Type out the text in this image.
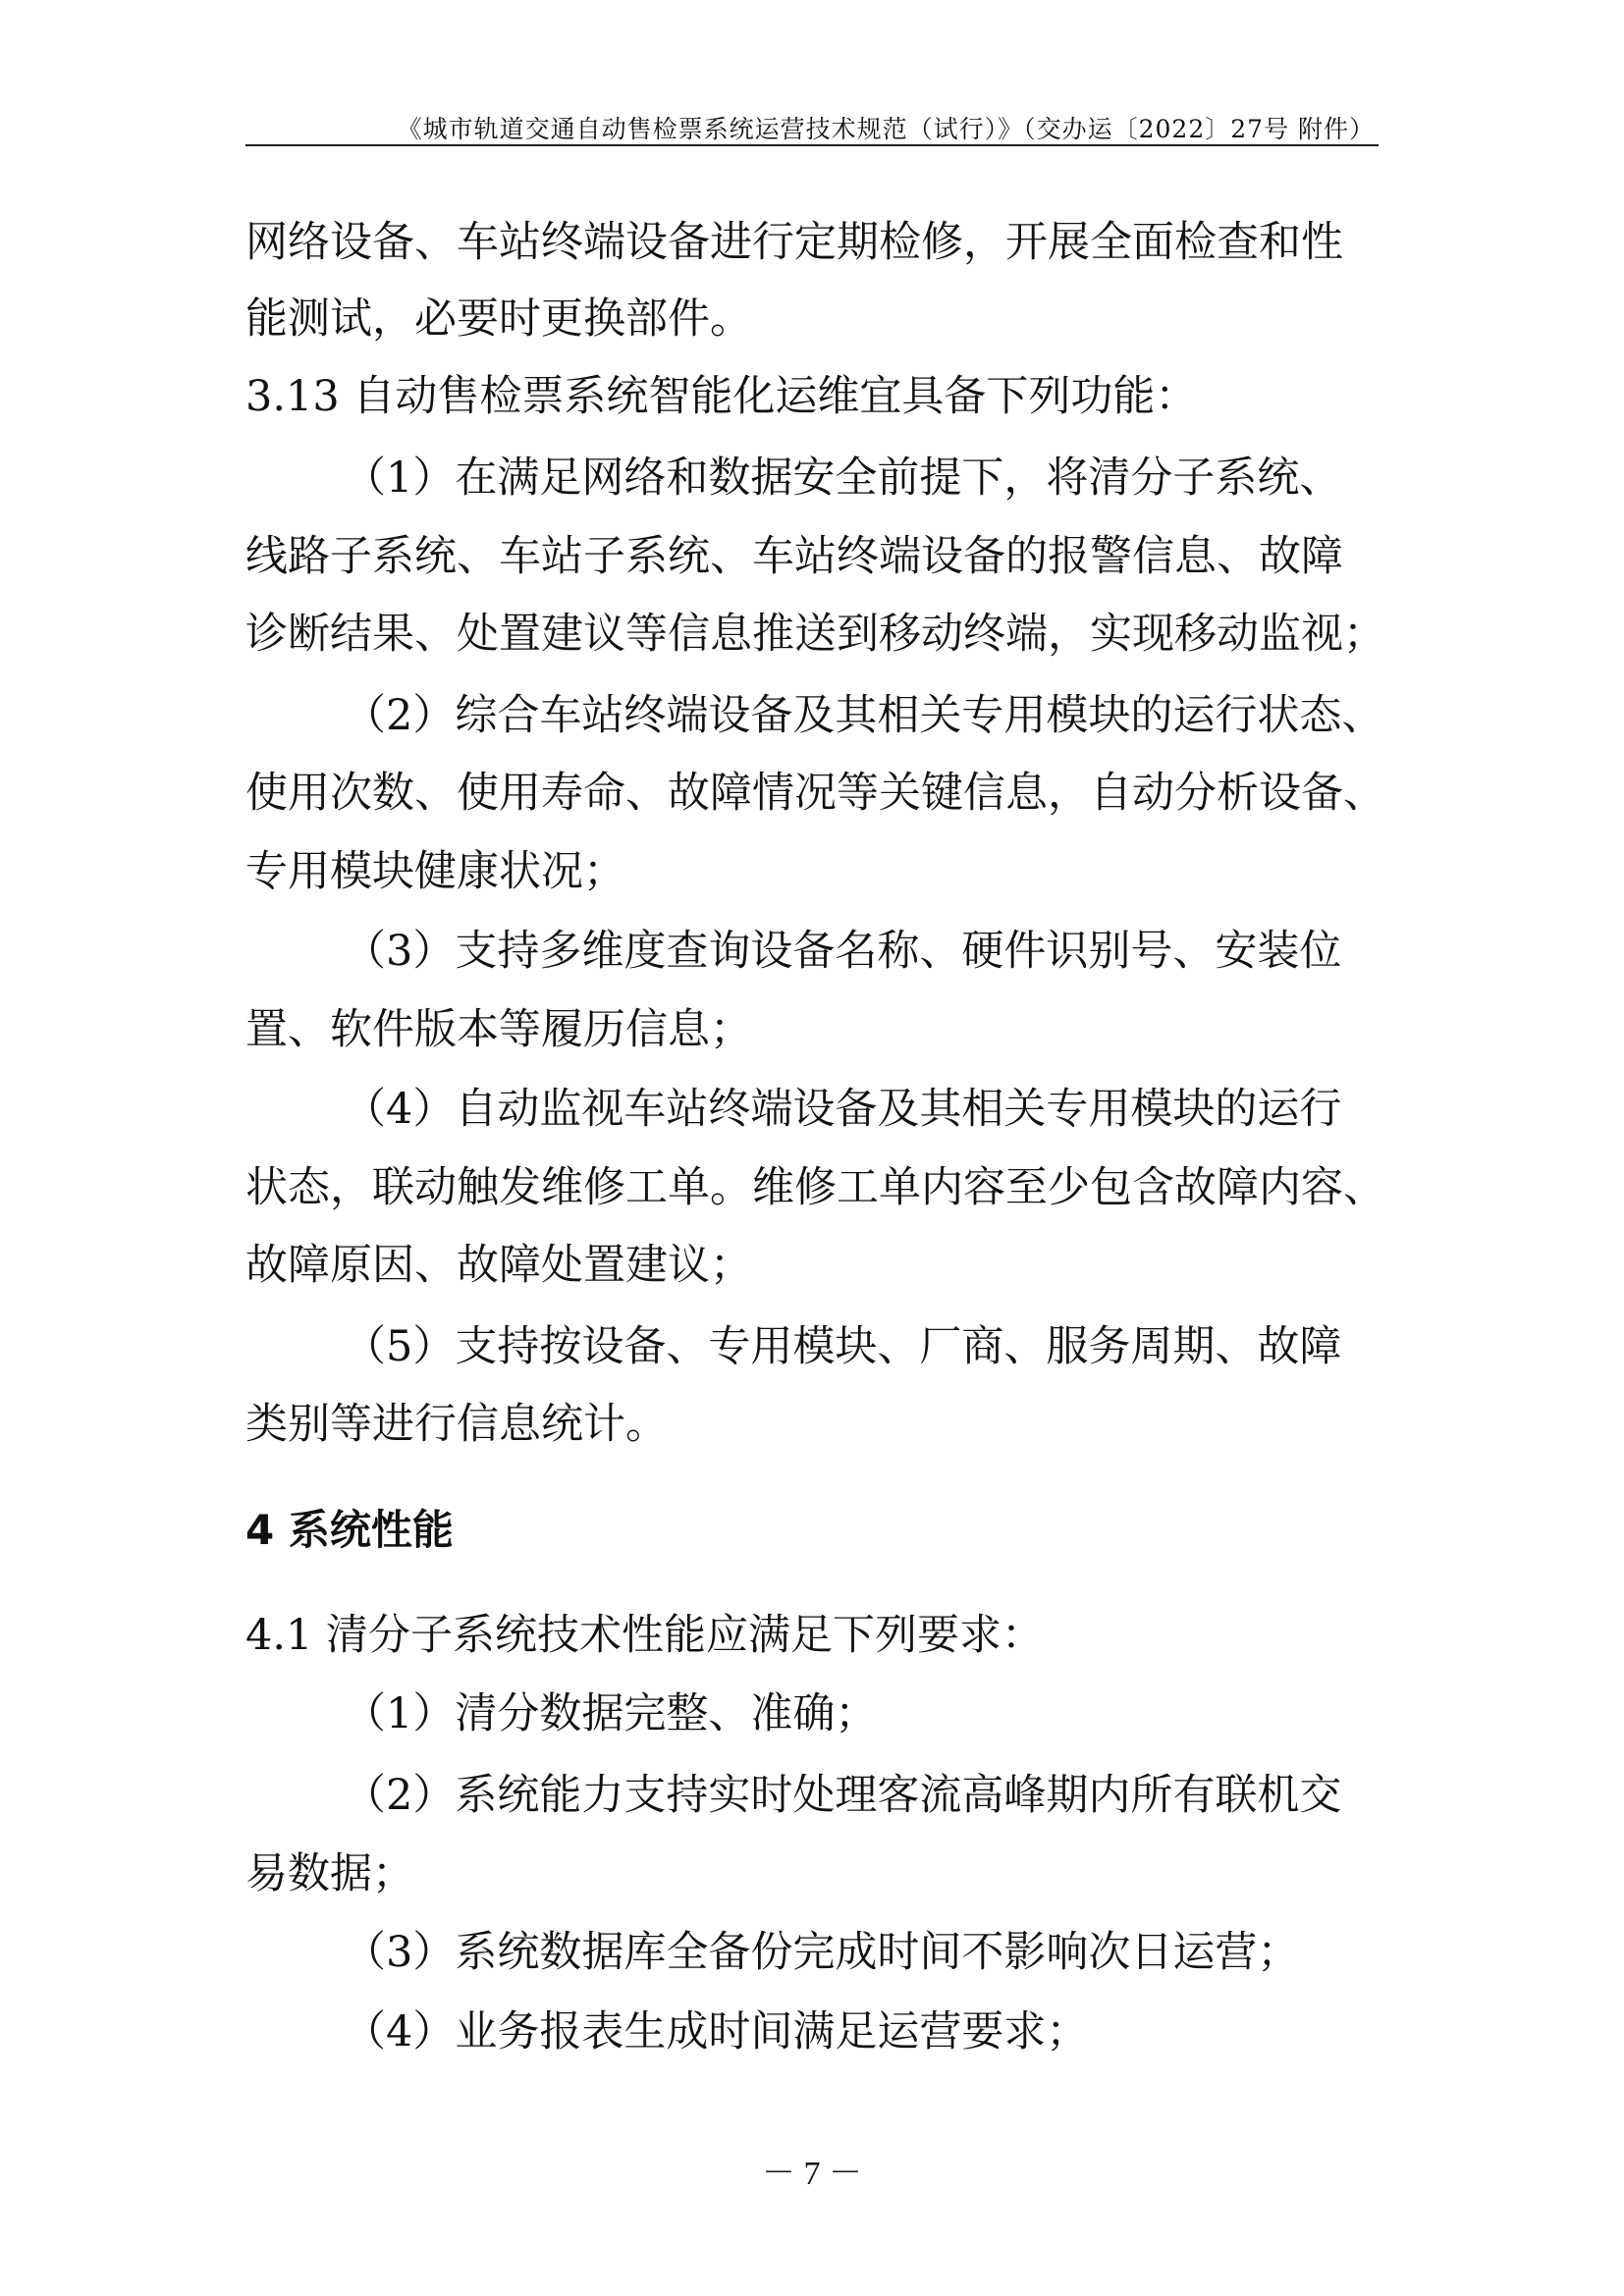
《城市轨道交通自动售检票系统运营技术规范（试行）》（交办运〔2022〕27号 附件）
网络设备、车站终端设备进行定期检修，开展全面检查和性
能测试，必要时更换部件。
3.13 自动售检票系统智能化运维宜具备下列功能：
（1）在满足网络和数据安全前提下，将清分子系统、
线路子系统、车站子系统、车站终端设备的报警信息、故障
诊断结果、处置建议等信息推送到移动终端，实现移动监视；
（2）综合车站终端设备及其相关专用模块的运行状态、
使用次数、使用寿命、故障情况等关键信息，自动分析设备、
专用模块健康状况；
（3）支持多维度查询设备名称、硬件识别号、安装位
置、软件版本等履历信息；
（4）自动监视车站终端设备及其相关专用模块的运行
状态，联动触发维修工单。维修工单内容至少包含故障内容、
故障原因、故障处置建议；
（5）支持按设备、专用模块、厂商、服务周期、故障
类别等进行信息统计。
4 系统性能
4.1 清分子系统技术性能应满足下列要求：
（1）清分数据完整、准确；
（2）系统能力支持实时处理客流高峰期内所有联机交
易数据；
（3）系统数据库全备份完成时间不影响次日运营；
（4）业务报表生成时间满足运营要求；
－ 7 －
